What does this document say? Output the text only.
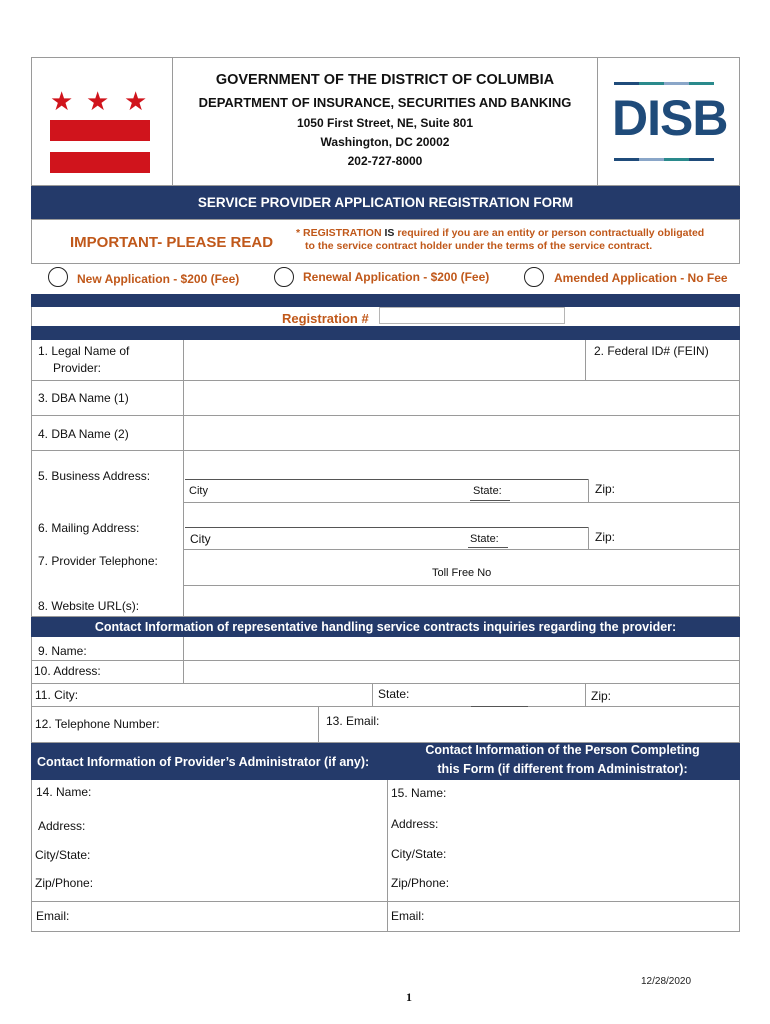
★ ★ ★
GOVERNMENT OF THE DISTRICT OF COLUMBIA
DEPARTMENT OF INSURANCE, SECURITIES AND BANKING
1050 First Street, NE, Suite 801
Washington, DC 20002
202-727-8000
DISB
SERVICE PROVIDER APPLICATION REGISTRATION FORM
IMPORTANT- PLEASE READ
* REGISTRATION IS required if you are an entity or person contractually obligated
to the service contract holder under the terms of the service contract.
New Application - $200 (Fee)	Renewal Application - $200 (Fee)	Amended Application - No Fee
Registration #
1. Legal Name of
Provider:
2. Federal ID# (FEIN)
3. DBA Name (1)
4. DBA Name (2)
5. Business Address:
City	State:	Zip:
6. Mailing Address:
City	State:	Zip:
7. Provider Telephone:
Toll Free No
8. Website URL(s):
Contact Information of representative handling service contracts inquiries regarding the provider:
9. Name:
10. Address:
11. City:	State:	Zip:
12. Telephone Number:	13. Email:
Contact Information of Provider’s Administrator (if any):
Contact Information of the Person Completing
this Form (if different from Administrator):
14. Name:
Address:
City/State:
Zip/Phone:
Email:
15. Name:
Address:
City/State:
Zip/Phone:
Email:
12/28/2020
1
